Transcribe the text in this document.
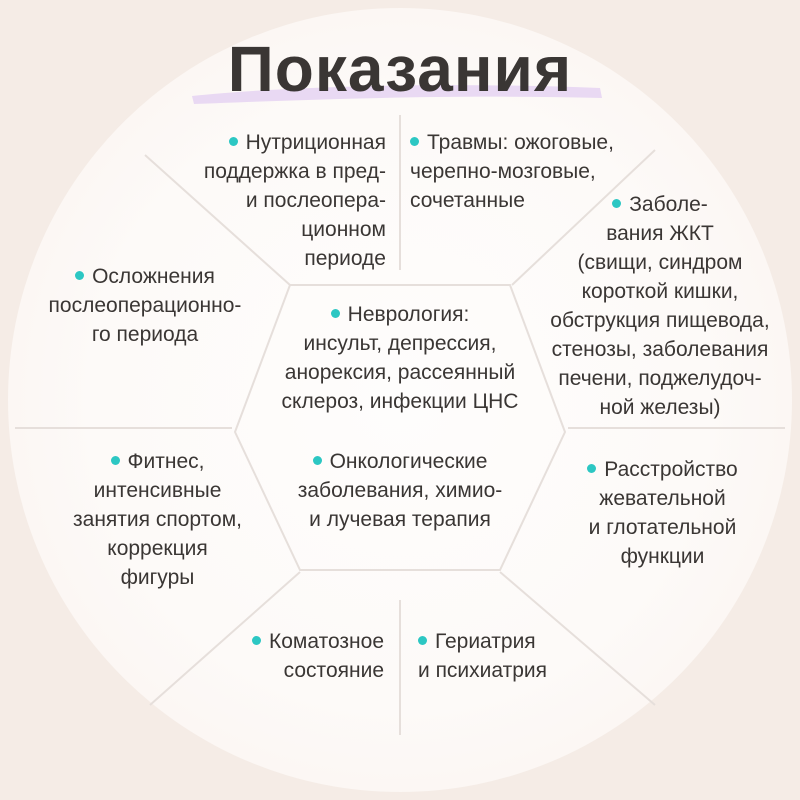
Показания
Нутриционная
поддержка в пред-
и послеопера-
ционном
периоде
Травмы: ожоговые,
черепно-мозговые,
сочетанные	Заболе-
вания ЖКТ
(свищи, синдром
короткой кишки,
обструкция пищевода,
стенозы, заболевания
печени, поджелудоч-
ной железы)
Осложнения
послеоперационно-
го периода
Неврология:
инсульт, депрессия,
анорексия, рассеянный
склероз, инфекции ЦНС
Онкологические
заболевания, химио-
и лучевая терапия
Фитнес,
интенсивные
занятия спортом,
коррекция
фигуры
Расстройство
жевательной
и глотательной
функции
Коматозное
состояние
Гериатрия
и психиатрия
